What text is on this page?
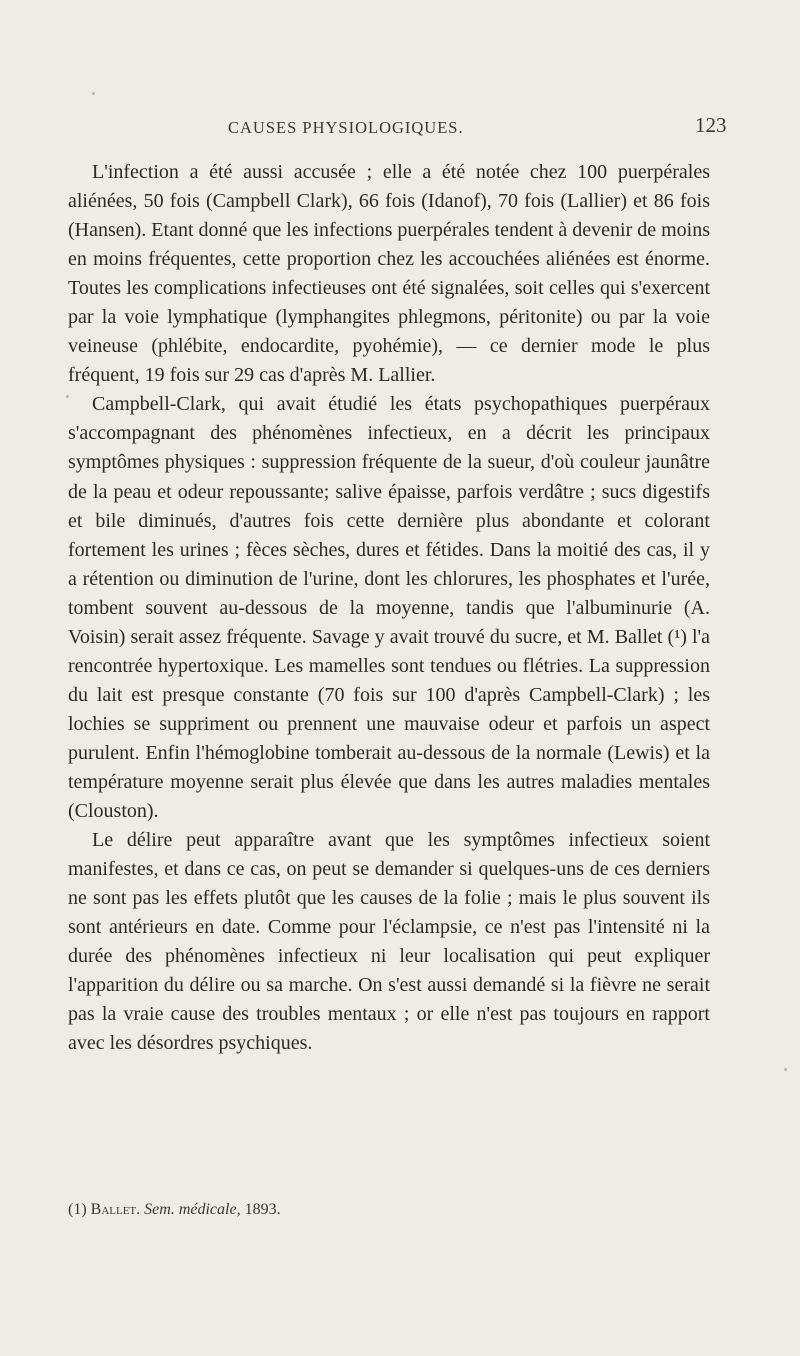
CAUSES PHYSIOLOGIQUES.	123

L'infection a été aussi accusée ; elle a été notée chez 100 puerpérales aliénées, 50 fois (Campbell Clark), 66 fois (Idanof), 70 fois (Lallier) et 86 fois (Hansen). Etant donné que les infections puerpérales tendent à devenir de moins en moins fréquentes, cette proportion chez les accouchées aliénées est énorme. Toutes les complications infectieuses ont été signalées, soit celles qui s'exercent par la voie lymphatique (lymphangites phlegmons, péritonite) ou par la voie veineuse (phlébite, endocardite, pyohémie), — ce dernier mode le plus fréquent, 19 fois sur 29 cas d'après M. Lallier.

Campbell-Clark, qui avait étudié les états psychopathiques puerpéraux s'accompagnant des phénomènes infectieux, en a décrit les principaux symptômes physiques : suppression fréquente de la sueur, d'où couleur jaunâtre de la peau et odeur repoussante; salive épaisse, parfois verdâtre ; sucs digestifs et bile diminués, d'autres fois cette dernière plus abondante et colorant fortement les urines ; fèces sèches, dures et fétides. Dans la moitié des cas, il y a rétention ou diminution de l'urine, dont les chlorures, les phosphates et l'urée, tombent souvent au-dessous de la moyenne, tandis que l'albuminurie (A. Voisin) serait assez fréquente. Savage y avait trouvé du sucre, et M. Ballet (¹) l'a rencontrée hypertoxique. Les mamelles sont tendues ou flétries. La suppression du lait est presque constante (70 fois sur 100 d'après Campbell-Clark) ; les lochies se suppriment ou prennent une mauvaise odeur et parfois un aspect purulent. Enfin l'hémoglobine tomberait au-dessous de la normale (Lewis) et la température moyenne serait plus élevée que dans les autres maladies mentales (Clouston).

Le délire peut apparaître avant que les symptômes infectieux soient manifestes, et dans ce cas, on peut se demander si quelques-uns de ces derniers ne sont pas les effets plutôt que les causes de la folie ; mais le plus souvent ils sont antérieurs en date. Comme pour l'éclampsie, ce n'est pas l'intensité ni la durée des phénomènes infectieux ni leur localisation qui peut expliquer l'apparition du délire ou sa marche. On s'est aussi demandé si la fièvre ne serait pas la vraie cause des troubles mentaux ; or elle n'est pas toujours en rapport avec les désordres psychiques.

(1) Ballet. Sem. médicale, 1893.
